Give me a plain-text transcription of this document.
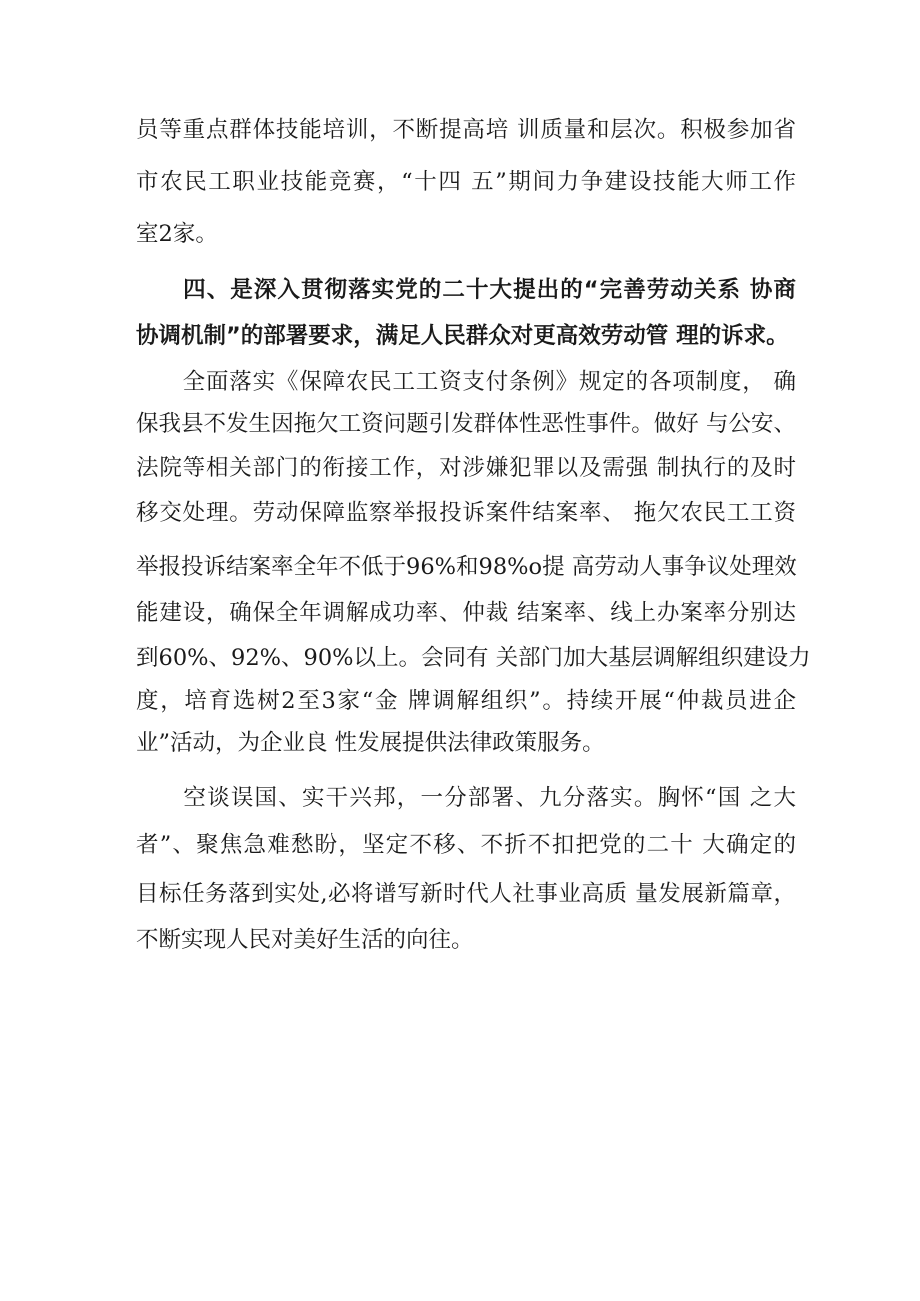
员等重点群体技能培训，不断提高培 训质量和层次。积极参加省
市农民工职业技能竞赛，“十四 五”期间力争建设技能大师工作
室2家。
　　四、是深入贯彻落实党的二十大提出的“完善劳动关系 协商
协调机制”的部署要求，满足人民群众对更高效劳动管 理的诉求。
　　全面落实《保障农民工工资支付条例》规定的各项制度， 确
保我县不发生因拖欠工资问题引发群体性恶性事件。做好 与公安、
法院等相关部门的衔接工作，对涉嫌犯罪以及需强 制执行的及时
移交处理。劳动保障监察举报投诉案件结案率、 拖欠农民工工资
举报投诉结案率全年不低于96%和98%o提 高劳动人事争议处理效
能建设，确保全年调解成功率、仲裁 结案率、线上办案率分别达
到60%、92%、90%以上。会同有 关部门加大基层调解组织建设力
度，培育选树2至3家“金 牌调解组织”。持续开展“仲裁员进企
业”活动，为企业良 性发展提供法律政策服务。
　　空谈误国、实干兴邦，一分部署、九分落实。胸怀“国 之大
者”、聚焦急难愁盼，坚定不移、不折不扣把党的二十 大确定的
目标任务落到实处,必将谱写新时代人社事业高质 量发展新篇章，
不断实现人民对美好生活的向往。
